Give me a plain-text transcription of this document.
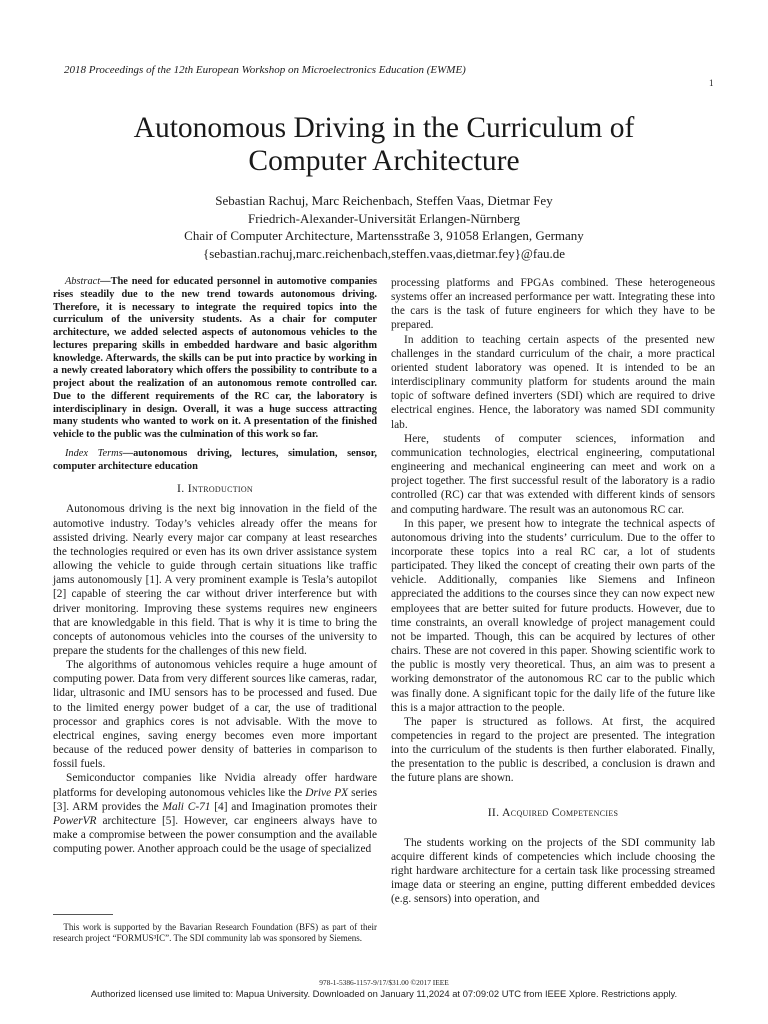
2018 Proceedings of the 12th European Workshop on Microelectronics Education (EWME)
1
Autonomous Driving in the Curriculum of
Computer Architecture
Sebastian Rachuj, Marc Reichenbach, Steffen Vaas, Dietmar Fey
Friedrich-Alexander-Universität Erlangen-Nürnberg
Chair of Computer Architecture, Martensstraße 3, 91058 Erlangen, Germany
{sebastian.rachuj,marc.reichenbach,steffen.vaas,dietmar.fey}@fau.de

Abstract—The need for educated personnel in automotive companies rises steadily due to the new trend towards autonomous driving. Therefore, it is necessary to integrate the required topics into the curriculum of the university students. As a chair for computer architecture, we added selected aspects of autonomous vehicles to the lectures preparing skills in embedded hardware and basic algorithm knowledge. Afterwards, the skills can be put into practice by working in a newly created laboratory which offers the possibility to contribute to a project about the realization of an autonomous remote controlled car. Due to the different requirements of the RC car, the laboratory is interdisciplinary in design. Overall, it was a huge success attracting many students who wanted to work on it. A presentation of the finished vehicle to the public was the culmination of this work so far.

Index Terms—autonomous driving, lectures, simulation, sensor, computer architecture education

I. Introduction

Autonomous driving is the next big innovation in the field of the automotive industry. Today’s vehicles already offer the means for assisted driving. Nearly every major car company at least researches the technologies required or even has its own driver assistance system allowing the vehicle to guide through certain situations like traffic jams autonomously [1]. A very prominent example is Tesla’s autopilot [2] capable of steering the car without driver interference but with driver monitoring. Improving these systems requires new engineers that are knowledgable in this field. That is why it is time to bring the concepts of autonomous vehicles into the courses of the university to prepare the students for the challenges of this new field.

The algorithms of autonomous vehicles require a huge amount of computing power. Data from very different sources like cameras, radar, lidar, ultrasonic and IMU sensors has to be processed and fused. Due to the limited energy power budget of a car, the use of traditional processor and graphics cores is not advisable. With the move to electrical engines, saving energy becomes even more important because of the reduced power density of batteries in comparison to fossil fuels.

Semiconductor companies like Nvidia already offer hardware platforms for developing autonomous vehicles like the Drive PX series [3]. ARM provides the Mali C-71 [4] and Imagination promotes their PowerVR architecture [5]. However, car engineers always have to make a compromise between the power consumption and the available computing power. Another approach could be the usage of specialized

This work is supported by the Bavarian Research Foundation (BFS) as part of their research project “FORMUS³IC”. The SDI community lab was sponsored by Siemens.

processing platforms and FPGAs combined. These heterogeneous systems offer an increased performance per watt. Integrating these into the cars is the task of future engineers for which they have to be prepared.

In addition to teaching certain aspects of the presented new challenges in the standard curriculum of the chair, a more practical oriented student laboratory was opened. It is intended to be an interdisciplinary community platform for students around the main topic of software defined inverters (SDI) which are required to drive electrical engines. Hence, the laboratory was named SDI community lab.

Here, students of computer sciences, information and communication technologies, electrical engineering, computational engineering and mechanical engineering can meet and work on a project together. The first successful result of the laboratory is a radio controlled (RC) car that was extended with different kinds of sensors and computing hardware. The result was an autonomous RC car.

In this paper, we present how to integrate the technical aspects of autonomous driving into the students’ curriculum. Due to the offer to incorporate these topics into a real RC car, a lot of students participated. They liked the concept of creating their own parts of the vehicle. Additionally, companies like Siemens and Infineon appreciated the additions to the courses since they can now expect new employees that are better suited for future products. However, due to time constraints, an overall knowledge of project management could not be imparted. Though, this can be acquired by lectures of other chairs. These are not covered in this paper. Showing scientific work to the public is mostly very theoretical. Thus, an aim was to present a working demonstrator of the autonomous RC car to the public which was finally done. A significant topic for the daily life of the future like this is a major attraction to the people.

The paper is structured as follows. At first, the acquired competencies in regard to the project are presented. The integration into the curriculum of the students is then further elaborated. Finally, the presentation to the public is described, a conclusion is drawn and the future plans are shown.

II. Acquired Competencies

The students working on the projects of the SDI community lab acquire different kinds of competencies which include choosing the right hardware architecture for a certain task like processing streamed image data or steering an engine, putting different embedded devices (e.g. sensors) into operation, and

978-1-5386-1157-9/17/$31.00 ©2017 IEEE
Authorized licensed use limited to: Mapua University. Downloaded on January 11,2024 at 07:09:02 UTC from IEEE Xplore. Restrictions apply.
